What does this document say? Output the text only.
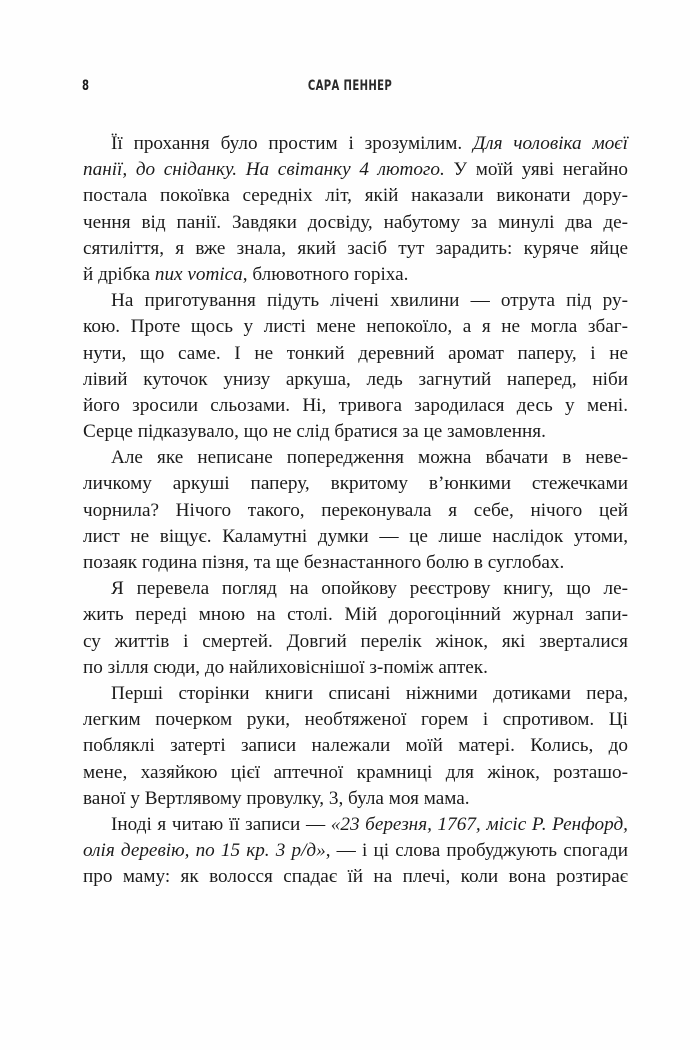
8	САРА ПЕННЕР
Її прохання було простим і зрозумілим. Для чоловіка моєї
панії, до сніданку. На світанку 4 лютого. У моїй уяві негайно
постала покоївка середніх літ, якій наказали виконати дору-
чення від панії. Завдяки досвіду, набутому за минулі два де-
сятиліття, я вже знала, який засіб тут зарадить: куряче яйце
й дрібка nux vomica, блювотного горіха.
На приготування підуть лічені хвилини — отрута під ру-
кою. Проте щось у листі мене непокоїло, а я не могла збаг-
нути, що саме. І не тонкий деревний аромат паперу, і не
лівий куточок унизу аркуша, ледь загнутий наперед, ніби
його зросили сльозами. Ні, тривога зародилася десь у мені.
Серце підказувало, що не слід братися за це замовлення.
Але яке неписане попередження можна вбачати в неве-
личкому аркуші паперу, вкритому в’юнкими стежечками
чорнила? Нічого такого, переконувала я себе, нічого цей
лист не віщує. Каламутні думки — це лише наслідок утоми,
позаяк година пізня, та ще безнастанного болю в суглобах.
Я перевела погляд на опойкову реєстрову книгу, що ле-
жить переді мною на столі. Мій дорогоцінний журнал запи-
су життів і смертей. Довгий перелік жінок, які зверталися
по зілля сюди, до найлиховіснішої з-поміж аптек.
Перші сторінки книги списані ніжними дотиками пера,
легким почерком руки, необтяженої горем і спротивом. Ці
побляклі затерті записи належали моїй матері. Колись, до
мене, хазяйкою цієї аптечної крамниці для жінок, розташо-
ваної у Вертлявому провулку, 3, була моя мама.
Іноді я читаю її записи — «23 березня, 1767, місіс Р. Ренфорд,
олія деревію, по 15 кр. 3 р/д», — і ці слова пробуджують спогади
про маму: як волосся спадає їй на плечі, коли вона розтирає
